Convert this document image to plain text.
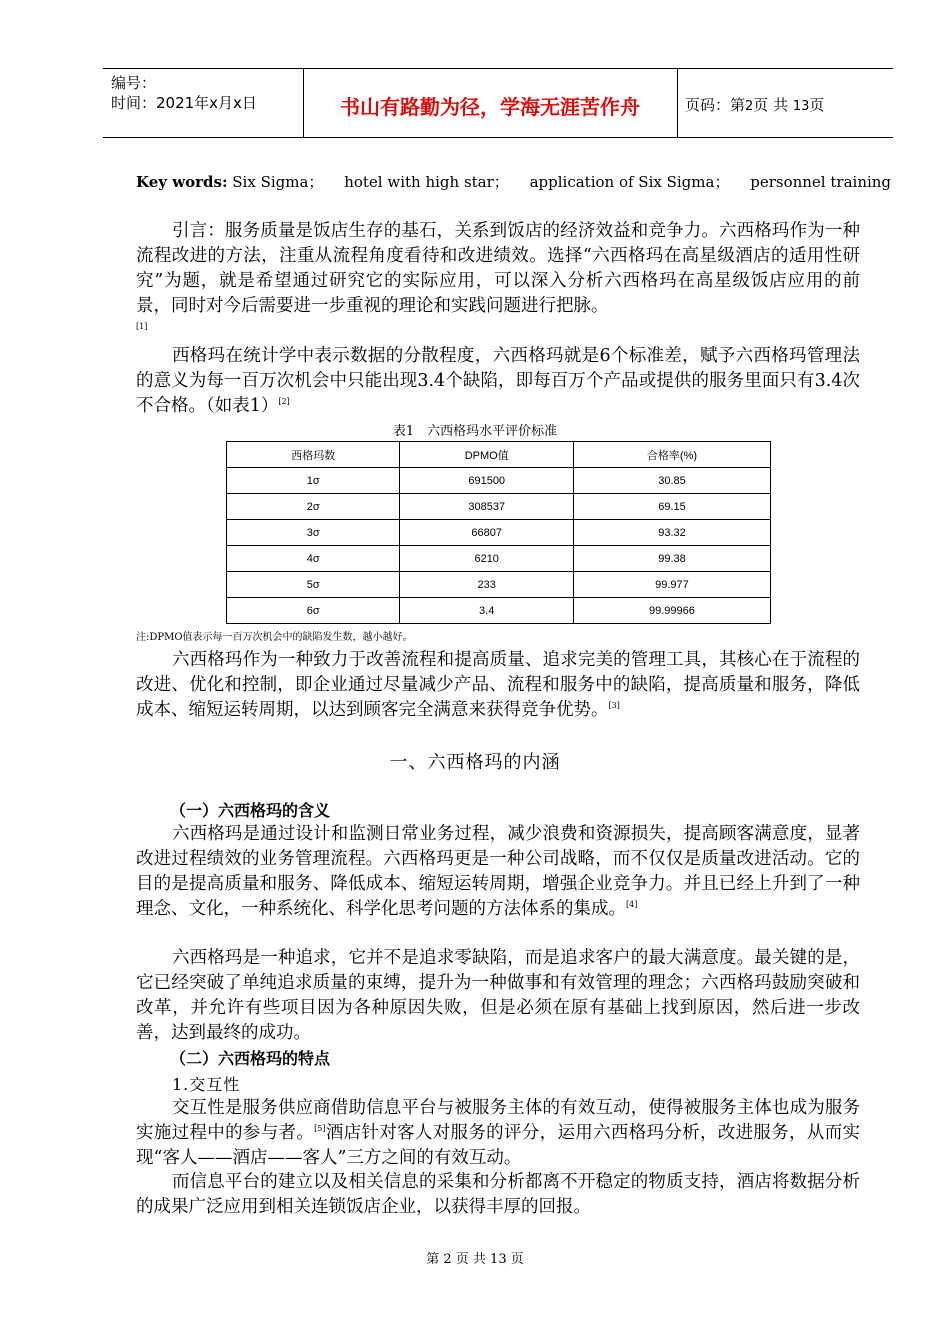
编号：
时间：2021年x月x日	书山有路勤为径，学海无涯苦作舟	页码：第2页 共 13页
Key words: Six Sigma； hotel with high star； application of Six Sigma； personnel training

引言：服务质量是饭店生存的基石，关系到饭店的经济效益和竞争力。六西格玛作为一种流程改进的方法，注重从流程角度看待和改进绩效。选择“六西格玛在高星级酒店的适用性研究”为题，就是希望通过研究它的实际应用，可以深入分析六西格玛在高星级饭店应用的前景，同时对今后需要进一步重视的理论和实践问题进行把脉。
[1]

西格玛在统计学中表示数据的分散程度，六西格玛就是6个标准差，赋予六西格玛管理法的意义为每一百万次机会中只能出现3.4个缺陷，即每百万个产品或提供的服务里面只有3.4次不合格。（如表1）[2]

表1　六西格玛水平评价标准
西格玛数	DPMO值	合格率(%)
1σ	691500	30.85
2σ	308537	69.15
3σ	66807	93.32
4σ	6210	99.38
5σ	233	99.977
6σ	3.4	99.99966
注:DPMO值表示每一百万次机会中的缺陷发生数，越小越好。

六西格玛作为一种致力于改善流程和提高质量、追求完美的管理工具，其核心在于流程的改进、优化和控制，即企业通过尽量减少产品、流程和服务中的缺陷，提高质量和服务，降低成本、缩短运转周期，以达到顾客完全满意来获得竞争优势。[3]

一、六西格玛的内涵
（一）六西格玛的含义

六西格玛是通过设计和监测日常业务过程，减少浪费和资源损失，提高顾客满意度，显著改进过程绩效的业务管理流程。六西格玛更是一种公司战略，而不仅仅是质量改进活动。它的目的是提高质量和服务、降低成本、缩短运转周期，增强企业竞争力。并且已经上升到了一种理念、文化，一种系统化、科学化思考问题的方法体系的集成。[4]

六西格玛是一种追求，它并不是追求零缺陷，而是追求客户的最大满意度。最关键的是，它已经突破了单纯追求质量的束缚，提升为一种做事和有效管理的理念；六西格玛鼓励突破和改革，并允许有些项目因为各种原因失败，但是必须在原有基础上找到原因，然后进一步改善，达到最终的成功。

（二）六西格玛的特点
1.交互性

交互性是服务供应商借助信息平台与被服务主体的有效互动，使得被服务主体也成为服务实施过程中的参与者。[5]酒店针对客人对服务的评分，运用六西格玛分析，改进服务，从而实现“客人——酒店——客人”三方之间的有效互动。

而信息平台的建立以及相关信息的采集和分析都离不开稳定的物质支持，酒店将数据分析的成果广泛应用到相关连锁饭店企业，以获得丰厚的回报。

第 2 页 共 13 页
